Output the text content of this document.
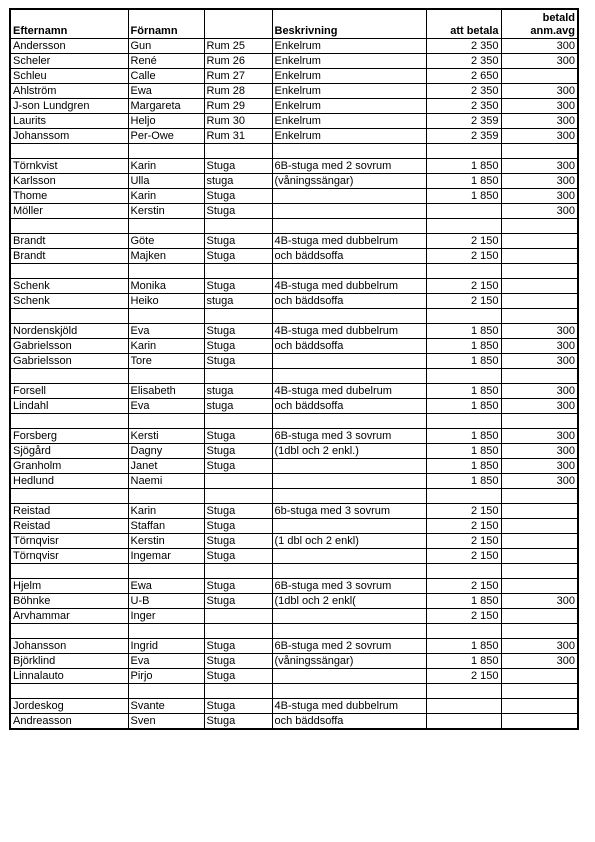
Efternamn	Förnamn		Beskrivning	att betala	betald
anm.avg
Andersson	Gun	Rum 25	Enkelrum	2 350	300
Scheler	René	Rum 26	Enkelrum	2 350	300
Schleu	Calle	Rum 27	Enkelrum	2 650	
Ahlström	Ewa	Rum 28	Enkelrum	2 350	300
J-son Lundgren	Margareta	Rum 29	Enkelrum	2 350	300
Laurits	Heljo	Rum 30	Enkelrum	2 359	300
Johanssom	Per-Owe	Rum 31	Enkelrum	2 359	300

Törnkvist	Karin	Stuga	6B-stuga med 2 sovrum	1 850	300
Karlsson	Ulla	stuga	(våningssängar)	1 850	300
Thome	Karin	Stuga		1 850	300
Möller	Kerstin	Stuga			300

Brandt	Göte	Stuga	4B-stuga med dubbelrum	2 150	
Brandt	Majken	Stuga	och bäddsoffa	2 150	

Schenk	Monika	Stuga	4B-stuga med dubbelrum	2 150	
Schenk	Heiko	stuga	och bäddsoffa	2 150	

Nordenskjöld	Eva	Stuga	4B-stuga med dubbelrum	1 850	300
Gabrielsson	Karin	Stuga	och bäddsoffa	1 850	300
Gabrielsson	Tore	Stuga		1 850	300

Forsell	Elisabeth	stuga	4B-stuga med dubelrum	1 850	300
Lindahl	Eva	stuga	och bäddsoffa	1 850	300

Forsberg	Kersti	Stuga	6B-stuga med 3 sovrum	1 850	300
Sjögård	Dagny	Stuga	(1dbl och 2 enkl.)	1 850	300
Granholm	Janet	Stuga		1 850	300
Hedlund	Naemi			1 850	300

Reistad	Karin	Stuga	6b-stuga med 3 sovrum	2 150	
Reistad	Staffan	Stuga		2 150	
Törnqvisr	Kerstin	Stuga	(1 dbl och 2 enkl)	2 150	
Törnqvisr	Ingemar	Stuga		2 150	

Hjelm	Ewa	Stuga	6B-stuga med 3 sovrum	2 150	
Böhnke	U-B	Stuga	(1dbl och 2 enkl(	1 850	300
Arvhammar	Inger			2 150	

Johansson	Ingrid	Stuga	6B-stuga med 2 sovrum	1 850	300
Björklind	Eva	Stuga	(våningssängar)	1 850	300
Linnalauto	Pirjo	Stuga		2 150	

Jordeskog	Svante	Stuga	4B-stuga med dubbelrum		
Andreasson	Sven	Stuga	och bäddsoffa		
